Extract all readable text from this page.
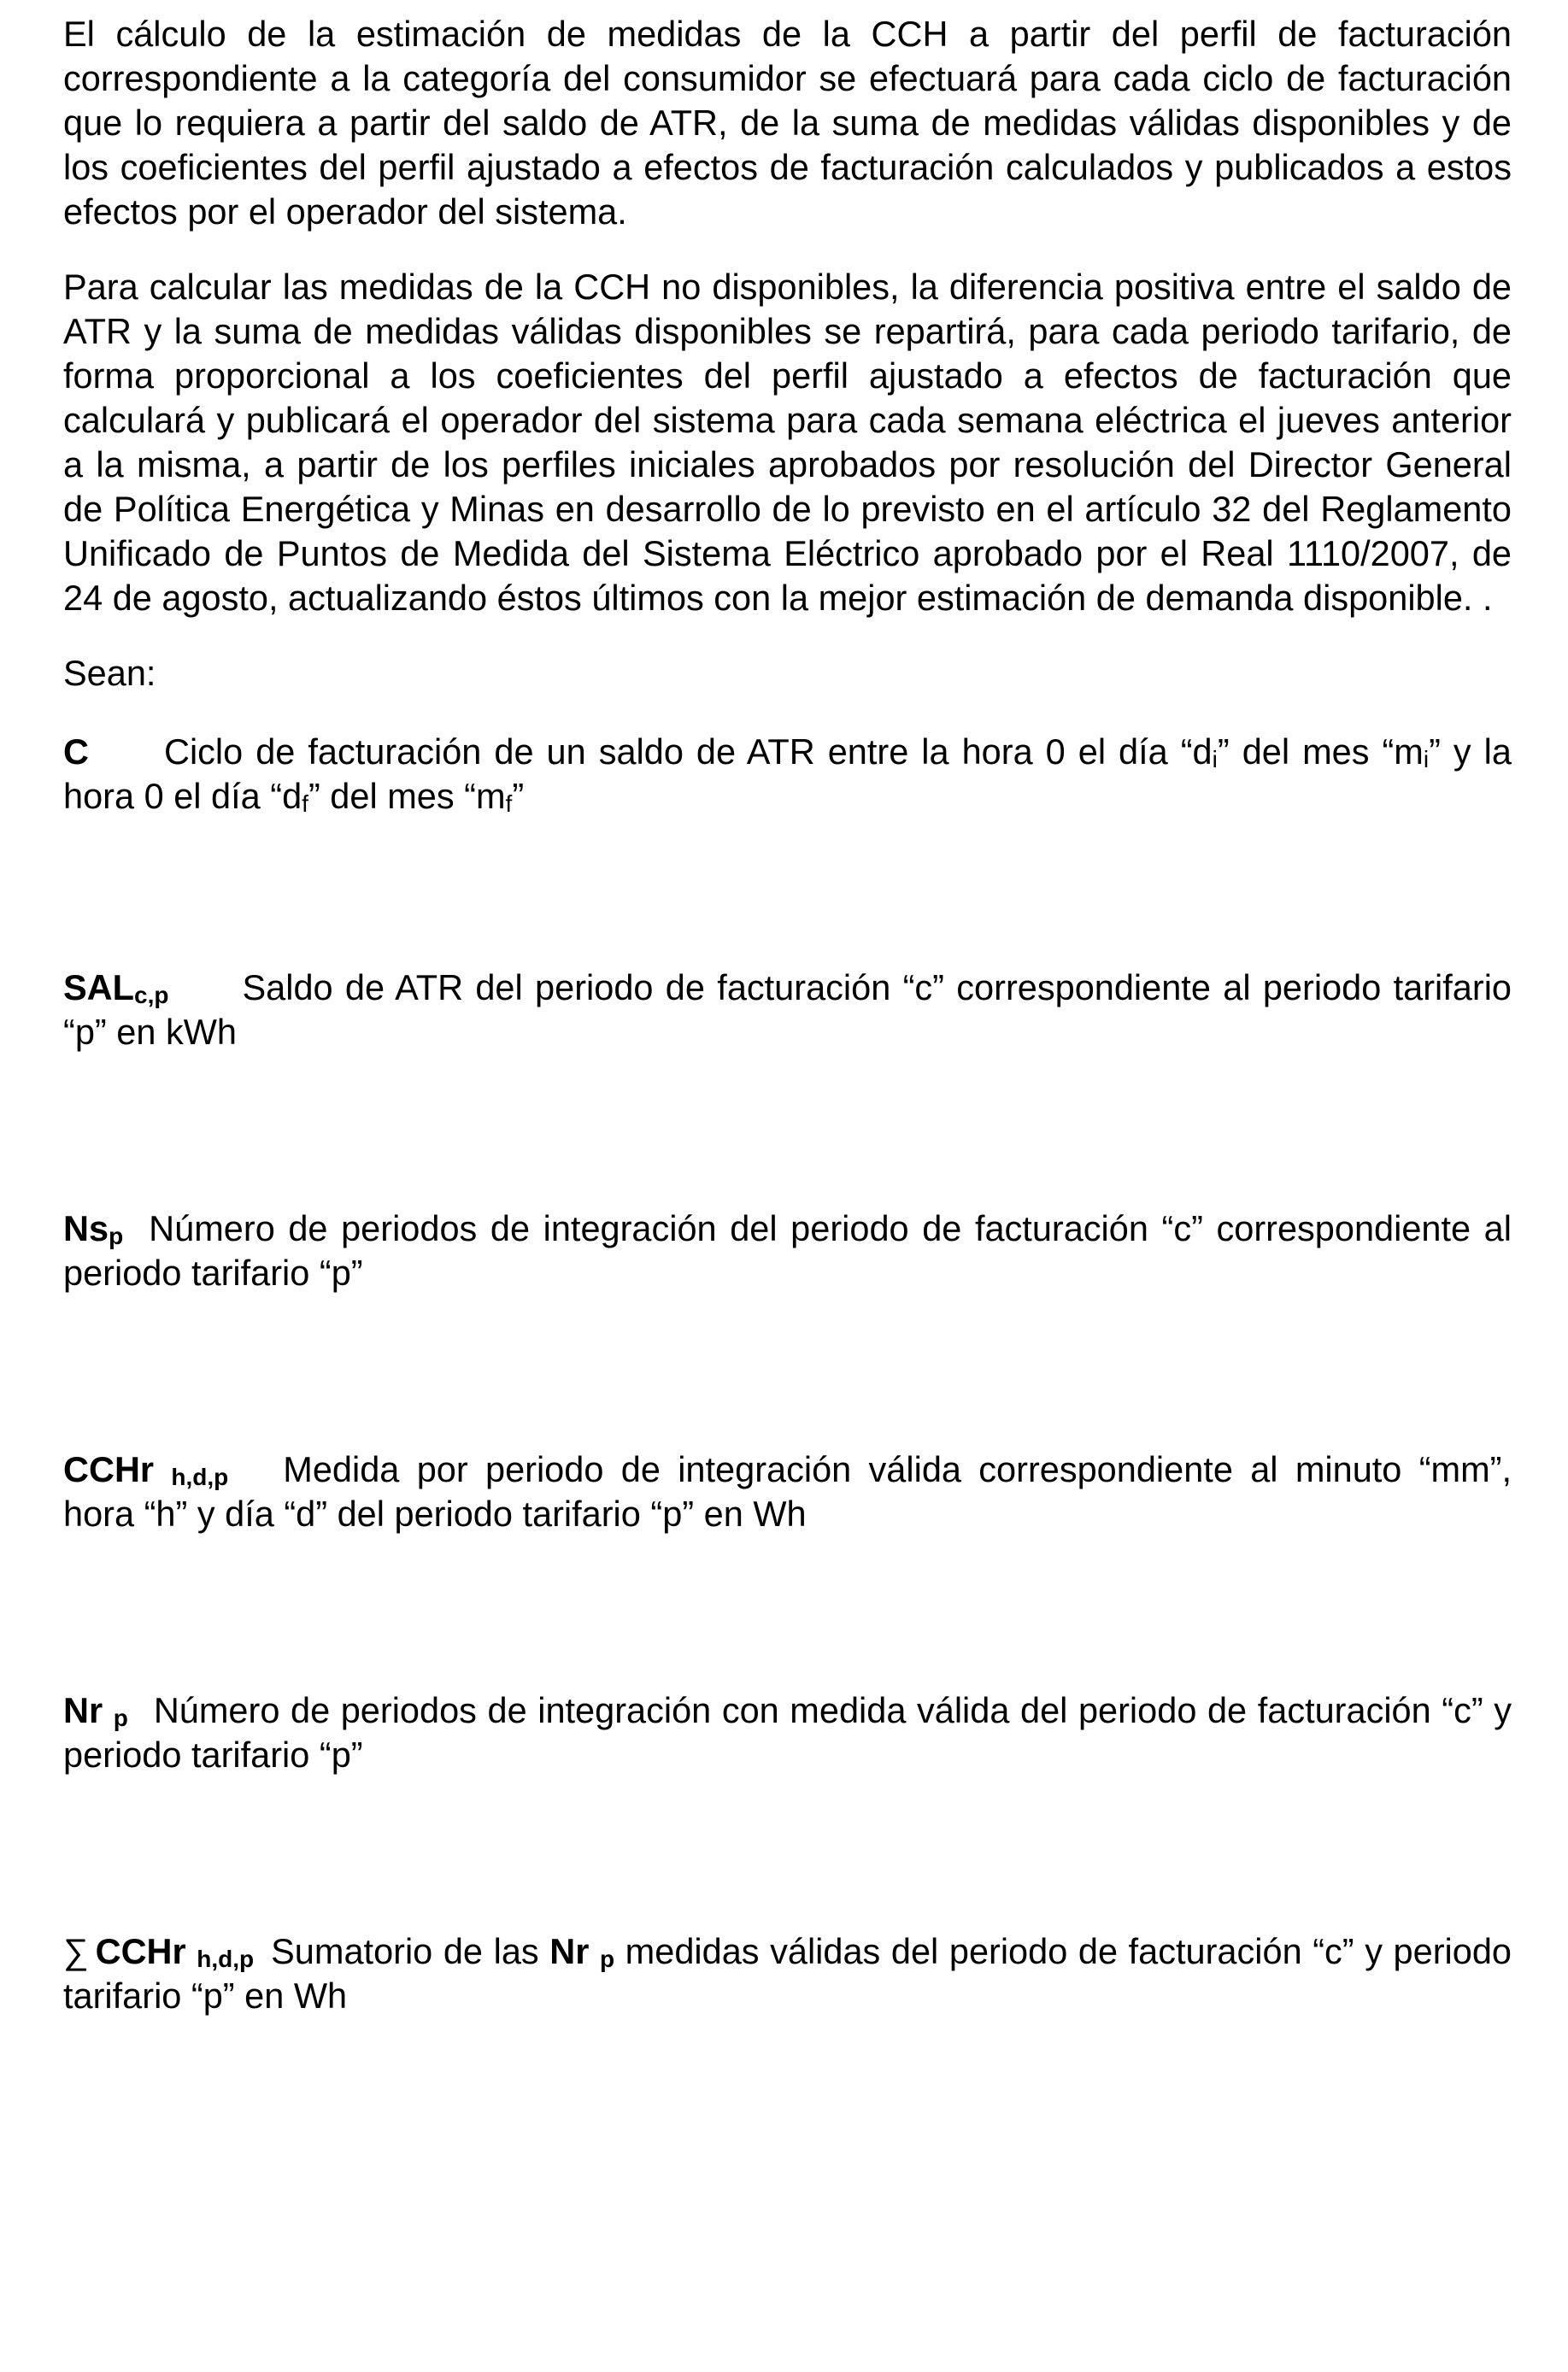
El cálculo de la estimación de medidas de la CCH a partir del perfil de facturación correspondiente a la categoría del consumidor se efectuará para cada ciclo de facturación que lo requiera a partir del saldo de ATR, de la suma de medidas válidas disponibles y de los coeficientes del perfil ajustado a efectos de facturación calculados y publicados a estos efectos por el operador del sistema.

Para calcular las medidas de la CCH no disponibles, la diferencia positiva entre el saldo de ATR y la suma de medidas válidas disponibles se repartirá, para cada periodo tarifario, de forma proporcional a los coeficientes del perfil ajustado a efectos de facturación que calculará y publicará el operador del sistema para cada semana eléctrica el jueves anterior a la misma, a partir de los perfiles iniciales aprobados por resolución del Director General de Política Energética y Minas en desarrollo de lo previsto en el artículo 32 del Reglamento Unificado de Puntos de Medida del Sistema Eléctrico aprobado por el Real 1110/2007, de 24 de agosto, actualizando éstos últimos con la mejor estimación de demanda disponible. .

Sean:

C Ciclo de facturación de un saldo de ATR entre la hora 0 el día “di” del mes “mi” y la hora 0 el día “df” del mes “mf”

SALc,p Saldo de ATR del periodo de facturación “c” correspondiente al periodo tarifario “p” en kWh

Nsp Número de periodos de integración del periodo de facturación “c” correspondiente al periodo tarifario “p”

CCHr h,d,p Medida por periodo de integración válida correspondiente al minuto “mm”, hora “h” y día “d” del periodo tarifario “p” en Wh

Nr p Número de periodos de integración con medida válida del periodo de facturación “c” y periodo tarifario “p”

∑ CCHr h,d,p Sumatorio de las Nr p medidas válidas del periodo de facturación “c” y periodo tarifario “p” en Wh
